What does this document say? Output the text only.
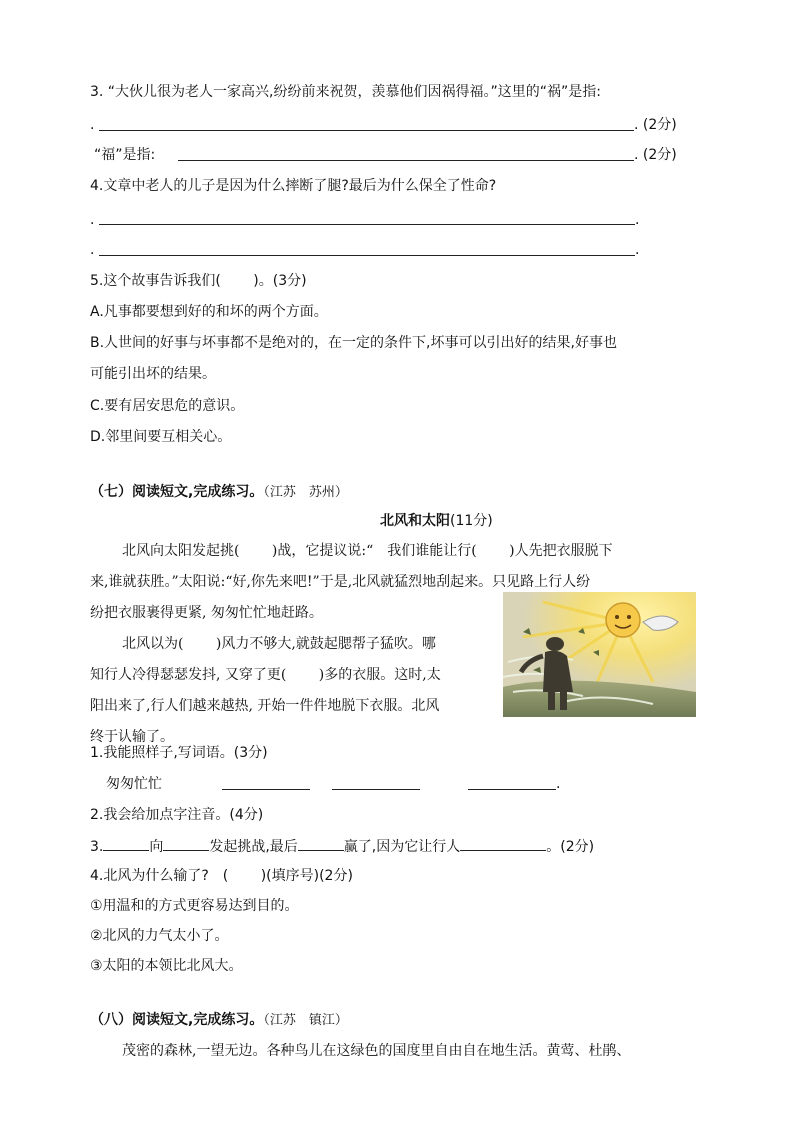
3. “大伙儿很为老人一家高兴,纷纷前来祝贺，羡慕他们因祸得福。”这里的“祸”是指:
.	. (2分)
“福”是指:	. (2分)
4.文章中老人的儿子是因为什么摔断了腿?最后为什么保全了性命?
.	.
.	.
5.这个故事告诉我们(　　 )。(3分)
A.凡事都要想到好的和坏的两个方面。
B.人世间的好事与坏事都不是绝对的，在一定的条件下,坏事可以引出好的结果,好事也
可能引出坏的结果。
C.要有居安思危的意识。
D.邻里间要互相关心。
（七）阅读短文,完成练习。（江苏　苏州）
北风和太阳(11分)
北风向太阳发起挑(　　 )战，它提议说:“　我们谁能让行(　　 )人先把衣服脱下
来,谁就获胜。”太阳说:“好,你先来吧!”于是,北风就猛烈地刮起来。只见路上行人纷
纷把衣服裹得更紧, 匆匆忙忙地赶路。
北风以为(　　 )风力不够大,就鼓起腮帮子猛吹。哪
知行人冷得瑟瑟发抖, 又穿了更(　　 )多的衣服。这时,太
阳出来了,行人们越来越热, 开始一件件地脱下衣服。北风
终于认输了。
1.我能照样子,写词语。(3分)
匆匆忙忙	.
2.我会给加点字注音。(4分)
3.	向	发起挑战,最后	赢了,因为它让行人	。(2分)
4.北风为什么输了?　(　　 )(填序号)(2分)
①用温和的方式更容易达到目的。
②北风的力气太小了。
③太阳的本领比北风大。
（八）阅读短文,完成练习。（江苏　镇江）
茂密的森林,一望无边。各种鸟儿在这绿色的国度里自由自在地生活。黄莺、杜鹃、
